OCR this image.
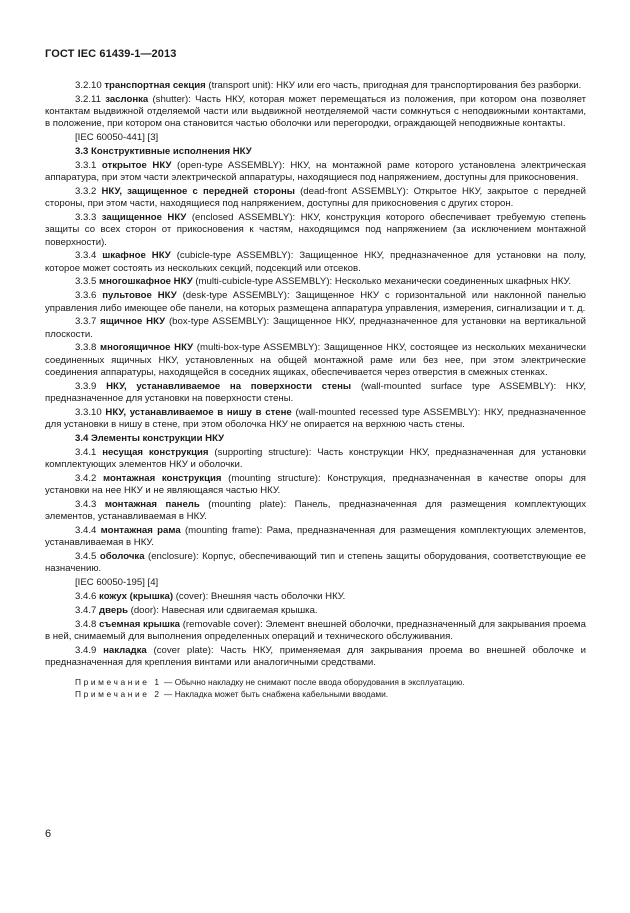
ГОСТ IEC 61439-1—2013

3.2.10 транспортная секция (transport unit): НКУ или его часть, пригодная для транспортирования без разборки.

3.2.11 заслонка (shutter): Часть НКУ, которая может перемещаться из положения, при котором она позволяет контактам выдвижной отделяемой части или выдвижной неотделяемой части сомкнуться с неподвижными контактами, в положение, при котором она становится частью оболочки или перегородки, ограждающей неподвижные контакты.

[IEC 60050-441] [3]

3.3 Конструктивные исполнения НКУ

3.3.1 открытое НКУ (open-type ASSEMBLY): НКУ, на монтажной раме которого установлена электрическая аппаратура, при этом части электрической аппаратуры, находящиеся под напряжением, доступны для прикосновения.

3.3.2 НКУ, защищенное с передней стороны (dead-front ASSEMBLY): Открытое НКУ, закрытое с передней стороны, при этом части, находящиеся под напряжением, доступны для прикосновения с других сторон.

3.3.3 защищенное НКУ (enclosed ASSEMBLY): НКУ, конструкция которого обеспечивает требуемую степень защиты со всех сторон от прикосновения к частям, находящимся под напряжением (за исключением монтажной поверхности).

3.3.4 шкафное НКУ (cubicle-type ASSEMBLY): Защищенное НКУ, предназначенное для установки на полу, которое может состоять из нескольких секций, подсекций или отсеков.

3.3.5 многошкафное НКУ (multi-cubicle-type ASSEMBLY): Несколько механически соединенных шкафных НКУ.

3.3.6 пультовое НКУ (desk-type ASSEMBLY): Защищенное НКУ с горизонтальной или наклонной панелью управления либо имеющее обе панели, на которых размещена аппаратура управления, измерения, сигнализации и т. д.

3.3.7 ящичное НКУ (box-type ASSEMBLY): Защищенное НКУ, предназначенное для установки на вертикальной плоскости.

3.3.8 многоящичное НКУ (multi-box-type ASSEMBLY): Защищенное НКУ, состоящее из нескольких механически соединенных ящичных НКУ, установленных на общей монтажной раме или без нее, при этом электрические соединения аппаратуры, находящейся в соседних ящиках, обеспечивается через отверстия в смежных стенках.

3.3.9 НКУ, устанавливаемое на поверхности стены (wall-mounted surface type ASSEMBLY): НКУ, предназначенное для установки на поверхности стены.

3.3.10 НКУ, устанавливаемое в нишу в стене (wall-mounted recessed type ASSEMBLY): НКУ, предназначенное для установки в нишу в стене, при этом оболочка НКУ не опирается на верхнюю часть стены.

3.4 Элементы конструкции НКУ

3.4.1 несущая конструкция (supporting structure): Часть конструкции НКУ, предназначенная для установки комплектующих элементов НКУ и оболочки.

3.4.2 монтажная конструкция (mounting structure): Конструкция, предназначенная в качестве опоры для установки на нее НКУ и не являющаяся частью НКУ.

3.4.3 монтажная панель (mounting plate): Панель, предназначенная для размещения комплектующих элементов, устанавливаемая в НКУ.

3.4.4 монтажная рама (mounting frame): Рама, предназначенная для размещения комплектующих элементов, устанавливаемая в НКУ.

3.4.5 оболочка (enclosure): Корпус, обеспечивающий тип и степень защиты оборудования, соответствующие ее назначению.

[IEC 60050-195] [4]

3.4.6 кожух (крышка) (cover): Внешняя часть оболочки НКУ.

3.4.7 дверь (door): Навесная или сдвигаемая крышка.

3.4.8 съемная крышка (removable cover): Элемент внешней оболочки, предназначенный для закрывания проема в ней, снимаемый для выполнения определенных операций и технического обслуживания.

3.4.9 накладка (cover plate): Часть НКУ, применяемая для закрывания проема во внешней оболочке и предназначенная для крепления винтами или аналогичными средствами.

Примечание 1 — Обычно накладку не снимают после ввода оборудования в эксплуатацию.

Примечание 2 — Накладка может быть снабжена кабельными вводами.

6
